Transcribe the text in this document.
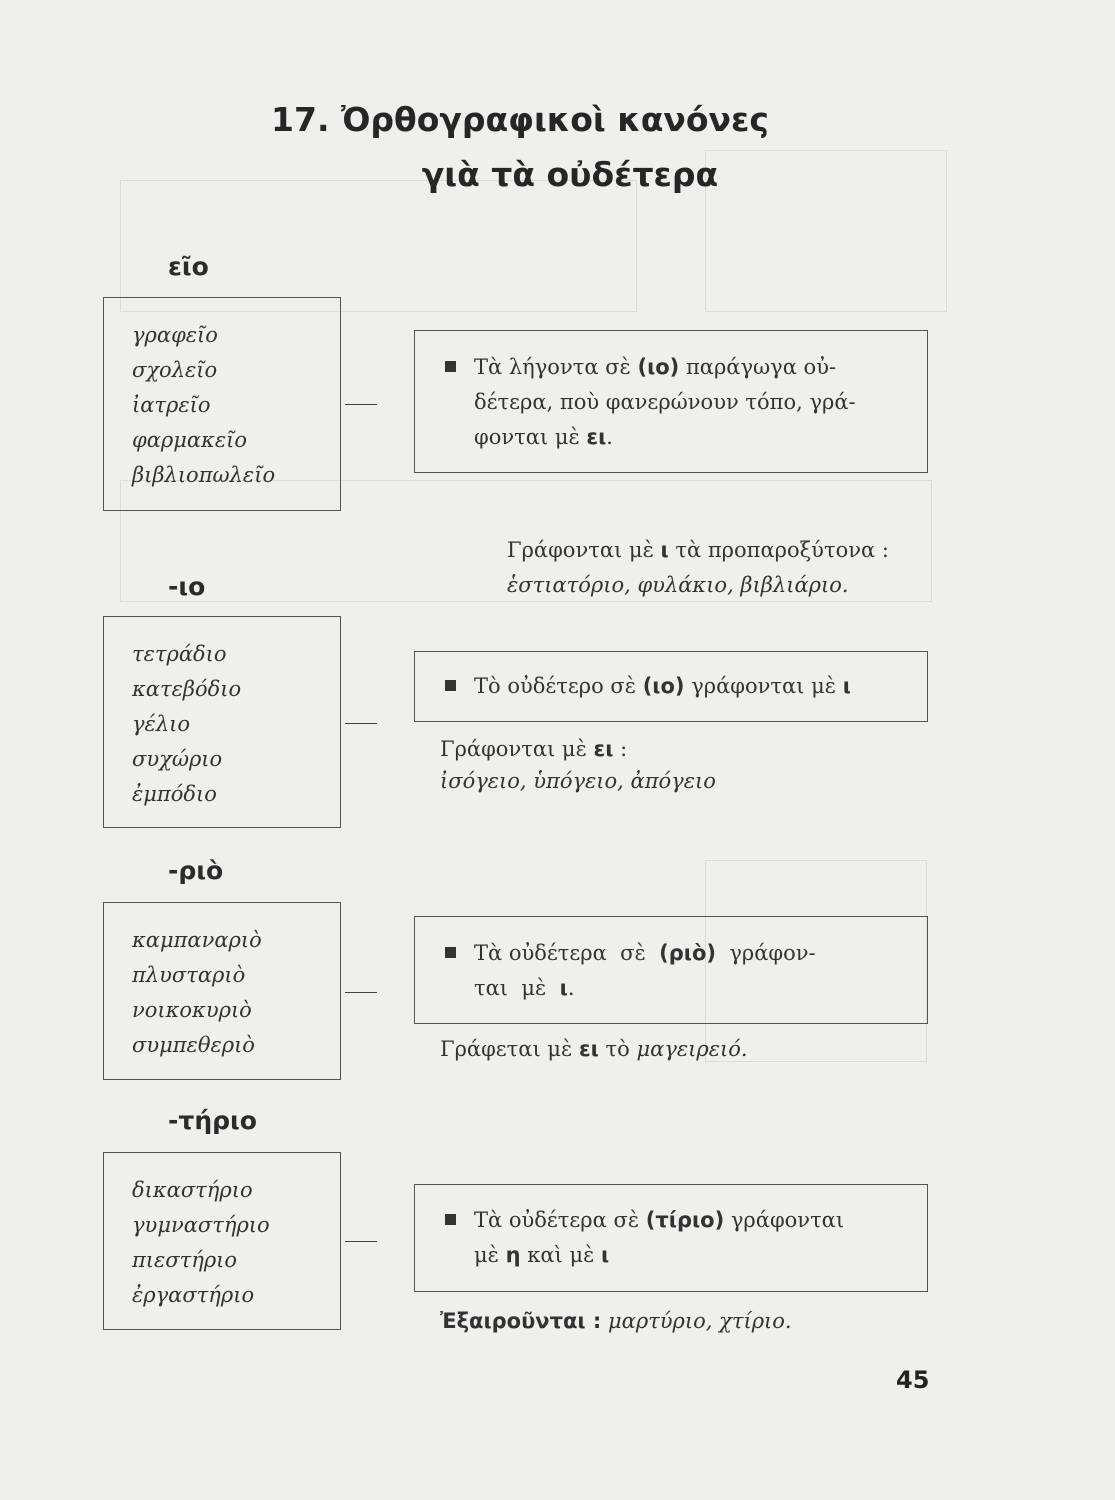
17. Ὀρθογραφικοὶ κανόνες
γιὰ τὰ οὐδέτερα
εῖο
γραφεῖο
σχολεῖο
ἰατρεῖο
φαρμακεῖο
βιβλιοπωλεῖο
Τὰ λήγοντα σὲ (ιο) παράγωγα οὐ-
δέτερα, ποὺ φανερώνουν τόπο, γρά-
φονται μὲ ει.
Γράφονται μὲ ι τὰ προπαροξύτονα :
ἑστιατόριο, φυλάκιο, βιβλιάριο.
-ιο
τετράδιο
κατεβόδιο
γέλιο
συχώριο
ἐμπόδιο
Τὸ οὐδέτερο σὲ (ιο) γράφονται μὲ ι
Γράφονται μὲ ει :
ἰσόγειο, ὑπόγειο, ἀπόγειο
-ριὸ
καμπαναριὸ
πλυσταριὸ
νοικοκυριὸ
συμπεθεριὸ
Τὰ οὐδέτερα  σὲ  (ριὸ)  γράφον-
ται  μὲ  ι.
Γράφεται μὲ ει τὸ μαγειρειό.
-τήριο
δικαστήριο
γυμναστήριο
πιεστήριο
ἐργαστήριο
Τὰ οὐδέτερα σὲ (τίριο) γράφονται
μὲ η καὶ μὲ ι
Ἐξαιροῦνται : μαρτύριο, χτίριο.
45
